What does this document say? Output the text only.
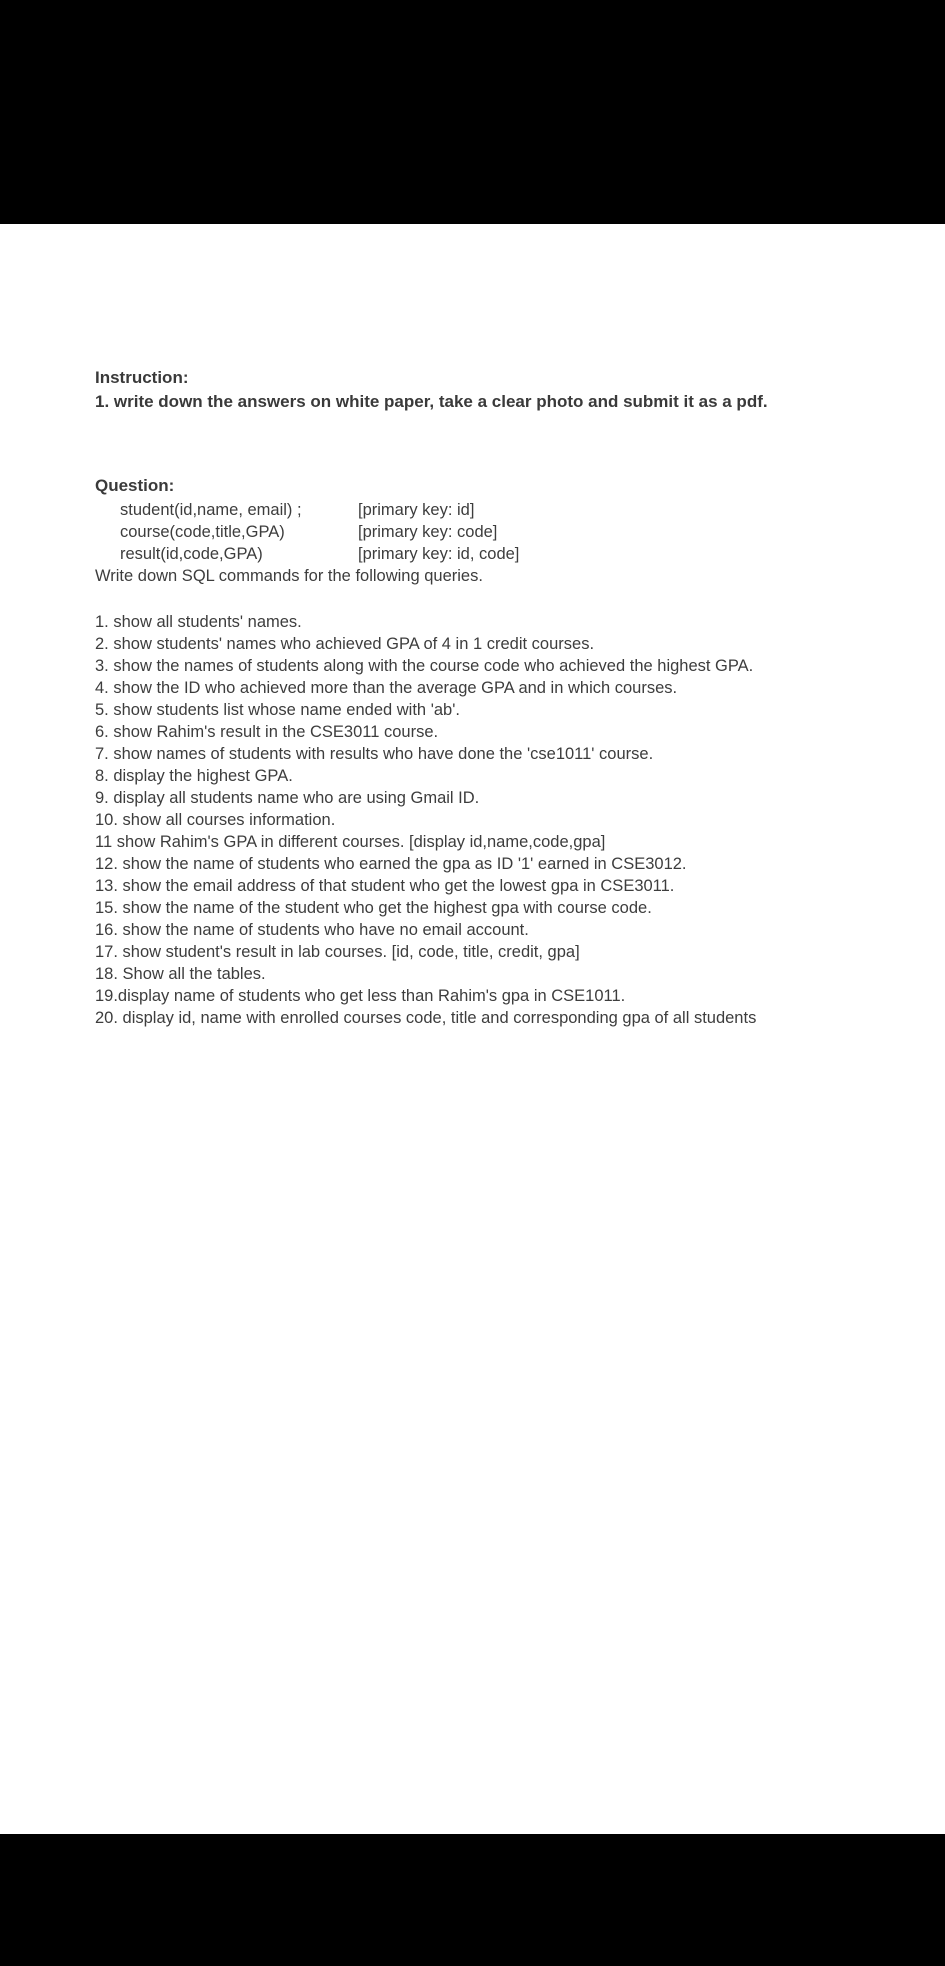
Instruction:
1. write down the answers on white paper, take a clear photo and submit it as a pdf.
Question:
student(id,name, email) ;	[primary key: id]
course(code,title,GPA)	[primary key: code]
result(id,code,GPA)	[primary key: id, code]
Write down SQL commands for the following queries.
1. show all students' names.
2. show students' names who achieved GPA of 4 in 1 credit courses.
3. show the names of students along with the course code who achieved the highest GPA.
4. show the ID who achieved more than the average GPA and in which courses.
5. show students list whose name ended with 'ab'.
6. show Rahim's result in the CSE3011 course.
7. show names of students with results who have done the 'cse1011' course.
8. display the highest GPA.
9. display all students name who are using Gmail ID.
10. show all courses information.
11 show Rahim's GPA in different courses. [display id,name,code,gpa]
12. show the name of students who earned the gpa as ID '1' earned in CSE3012.
13. show the email address of that student who get the lowest gpa in CSE3011.
15. show the name of the student who get the highest gpa with course code.
16. show the name of students who have no email account.
17. show student's result in lab courses. [id, code, title, credit, gpa]
18. Show all the tables.
19.display name of students who get less than Rahim's gpa in CSE1011.
20. display id, name with enrolled courses code, title and corresponding gpa of all students
